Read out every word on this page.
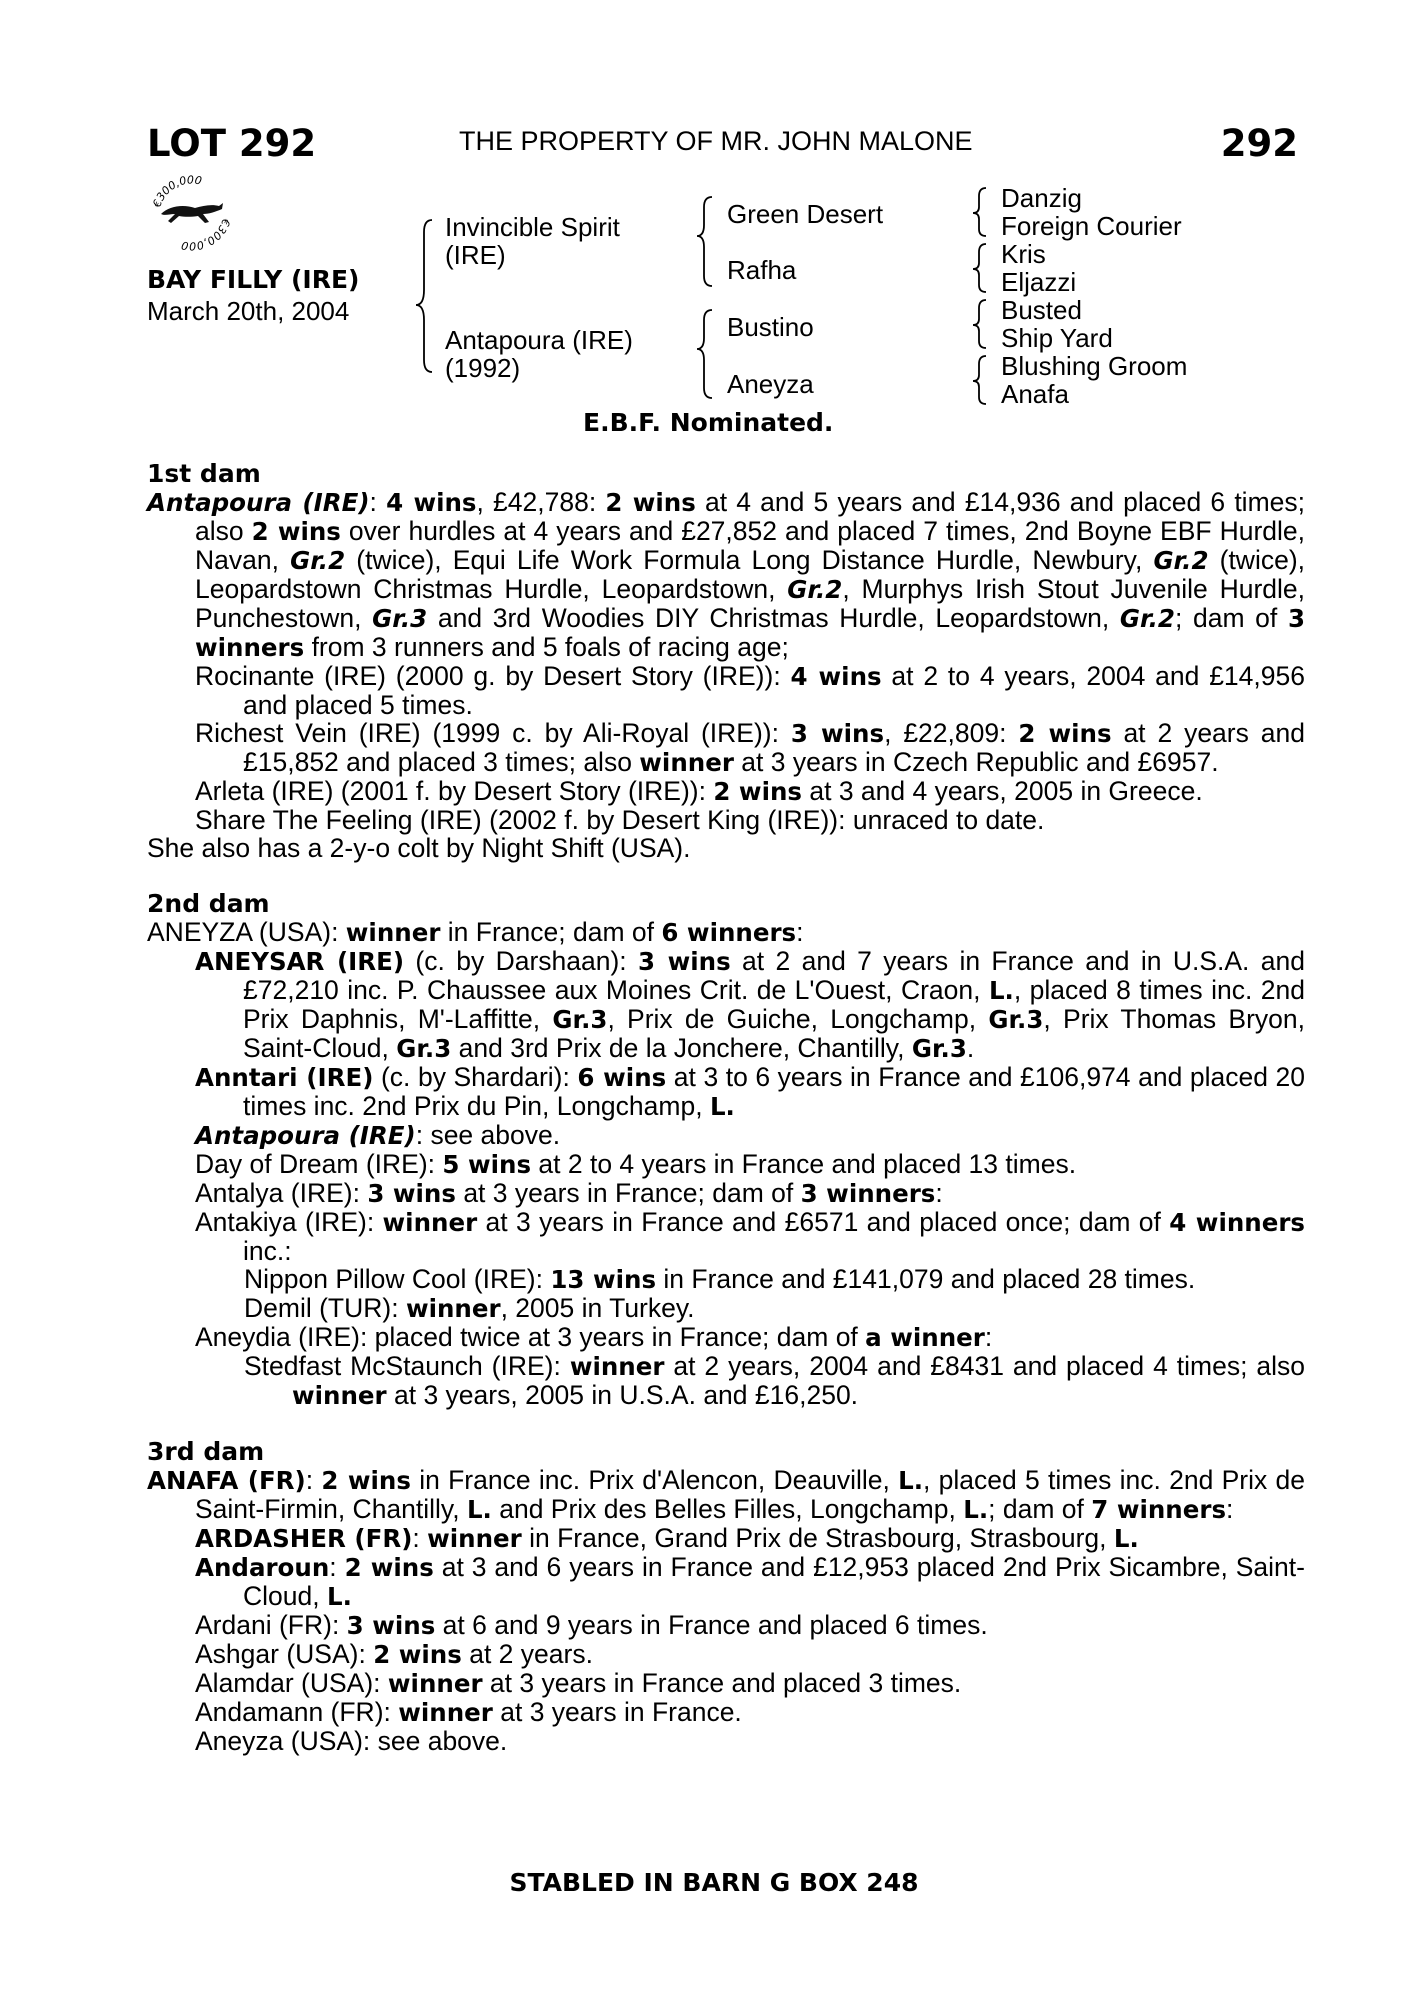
LOT 292	THE PROPERTY OF MR. JOHN MALONE	292
€300,000
€300,000
BAY FILLY (IRE)
March 20th, 2004
Invincible Spirit
(IRE)
Antapoura (IRE)
(1992)
Green Desert
Rafha
Bustino
Aneyza
Danzig
Foreign Courier
Kris
Eljazzi
Busted
Ship Yard
Blushing Groom
Anafa
E.B.F. Nominated.

1st dam

Antapoura (IRE): 4 wins, £42,788: 2 wins at 4 and 5 years and £14,936 and placed 6 times; also 2 wins over hurdles at 4 years and £27,852 and placed 7 times, 2nd Boyne EBF Hurdle, Navan, Gr.2 (twice), Equi Life Work Formula Long Distance Hurdle, Newbury, Gr.2 (twice), Leopardstown Christmas Hurdle, Leopardstown, Gr.2, Murphys Irish Stout Juvenile Hurdle, Punchestown, Gr.3 and 3rd Woodies DIY Christmas Hurdle, Leopardstown, Gr.2; dam of 3 winners from 3 runners and 5 foals of racing age;

Rocinante (IRE) (2000 g. by Desert Story (IRE)): 4 wins at 2 to 4 years, 2004 and £14,956 and placed 5 times.

Richest Vein (IRE) (1999 c. by Ali-Royal (IRE)): 3 wins, £22,809: 2 wins at 2 years and £15,852 and placed 3 times; also winner at 3 years in Czech Republic and £6957.

Arleta (IRE) (2001 f. by Desert Story (IRE)): 2 wins at 3 and 4 years, 2005 in Greece.

Share The Feeling (IRE) (2002 f. by Desert King (IRE)): unraced to date.

She also has a 2-y-o colt by Night Shift (USA).

2nd dam

ANEYZA (USA): winner in France; dam of 6 winners:

ANEYSAR (IRE) (c. by Darshaan): 3 wins at 2 and 7 years in France and in U.S.A. and £72,210 inc. P. Chaussee aux Moines Crit. de L'Ouest, Craon, L., placed 8 times inc. 2nd Prix Daphnis, M'-Laffitte, Gr.3, Prix de Guiche, Longchamp, Gr.3, Prix Thomas Bryon, Saint-Cloud, Gr.3 and 3rd Prix de la Jonchere, Chantilly, Gr.3.

Anntari (IRE) (c. by Shardari): 6 wins at 3 to 6 years in France and £106,974 and placed 20 times inc. 2nd Prix du Pin, Longchamp, L.

Antapoura (IRE): see above.

Day of Dream (IRE): 5 wins at 2 to 4 years in France and placed 13 times.

Antalya (IRE): 3 wins at 3 years in France; dam of 3 winners:

Antakiya (IRE): winner at 3 years in France and £6571 and placed once; dam of 4 winners inc.:

Nippon Pillow Cool (IRE): 13 wins in France and £141,079 and placed 28 times.

Demil (TUR): winner, 2005 in Turkey.

Aneydia (IRE): placed twice at 3 years in France; dam of a winner:

Stedfast McStaunch (IRE): winner at 2 years, 2004 and £8431 and placed 4 times; also winner at 3 years, 2005 in U.S.A. and £16,250.

3rd dam

ANAFA (FR): 2 wins in France inc. Prix d'Alencon, Deauville, L., placed 5 times inc. 2nd Prix de Saint-Firmin, Chantilly, L. and Prix des Belles Filles, Longchamp, L.; dam of 7 winners:

ARDASHER (FR): winner in France, Grand Prix de Strasbourg, Strasbourg, L.

Andaroun: 2 wins at 3 and 6 years in France and £12,953 placed 2nd Prix Sicambre, Saint-Cloud, L.

Ardani (FR): 3 wins at 6 and 9 years in France and placed 6 times.

Ashgar (USA): 2 wins at 2 years.

Alamdar (USA): winner at 3 years in France and placed 3 times.

Andamann (FR): winner at 3 years in France.

Aneyza (USA): see above.

STABLED IN BARN G BOX 248
